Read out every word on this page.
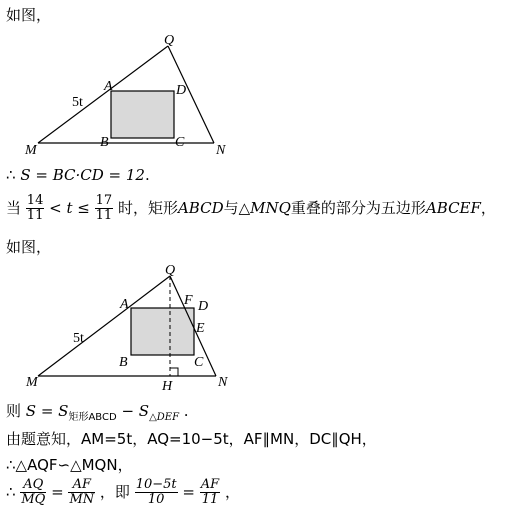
如图，
Q
A	D
M
B	C
N
5t
∴ S = BC·CD = 12.
当 $\frac{14}{11} < t \le \frac{17}{11}$ 时，矩形ABCD与△MNQ重叠的部分为五边形ABCEF，
如图，
Q
A	F D
E
M
B	C
H	N
5t
则 $S = S_{矩形ABCD} - S_{\triangle DEF}$ .
由题意知，AM=5t，AQ=10−5t，AF∥MN，DC∥QH，
∴△AQF∽△MQN，
∴ $\frac{AQ}{MQ} = \frac{AF}{MN}$ ，即 $\frac{10-5t}{10} = \frac{AF}{11}$ ，
